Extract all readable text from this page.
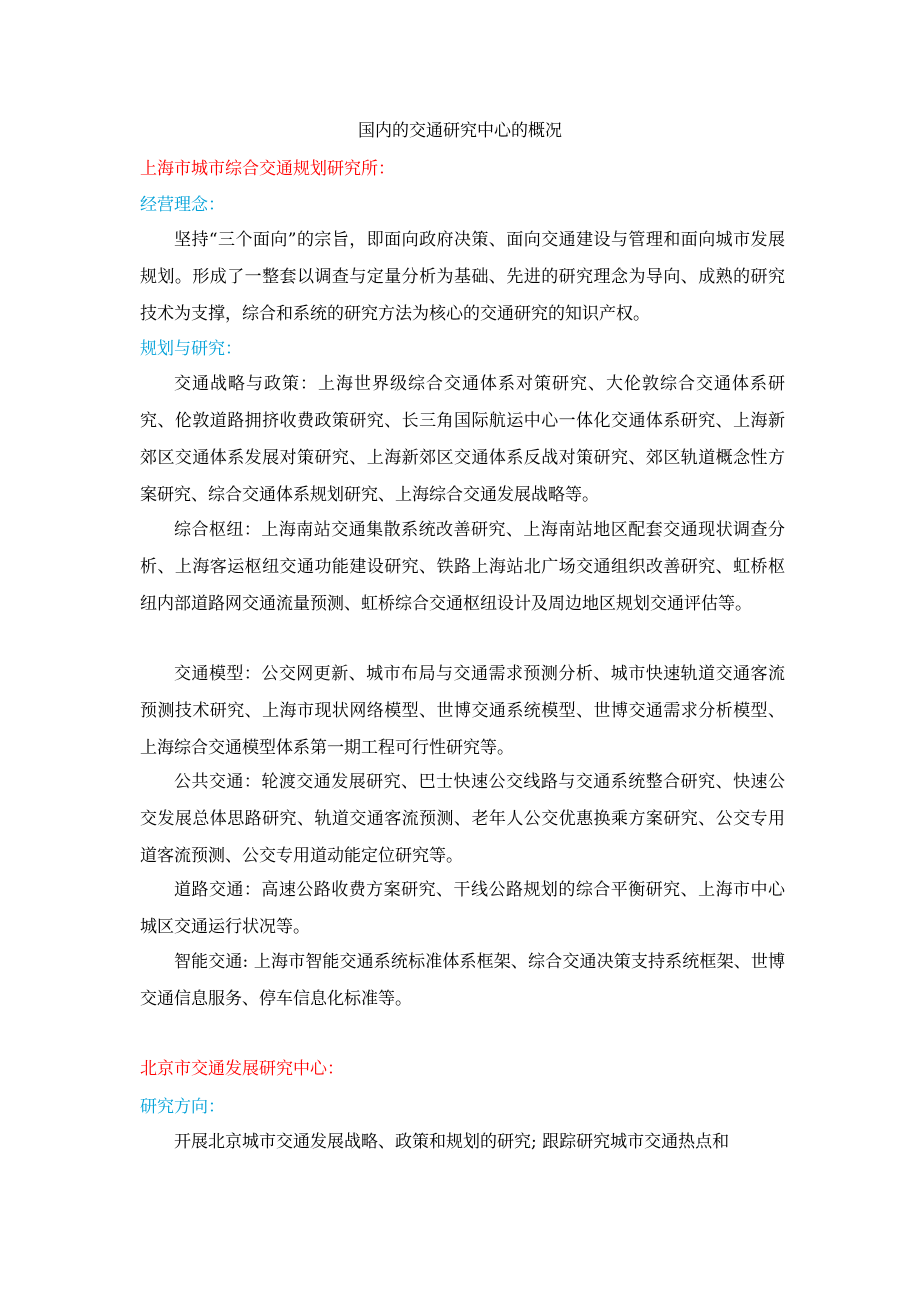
国内的交通研究中心的概况
上海市城市综合交通规划研究所：
经营理念：
坚持“三个面向”的宗旨，即面向政府决策、面向交通建设与管理和面向城市发展规划。形成了一整套以调查与定量分析为基础、先进的研究理念为导向、成熟的研究技术为支撑，综合和系统的研究方法为核心的交通研究的知识产权。
规划与研究：
交通战略与政策：上海世界级综合交通体系对策研究、大伦敦综合交通体系研究、伦敦道路拥挤收费政策研究、长三角国际航运中心一体化交通体系研究、上海新郊区交通体系发展对策研究、上海新郊区交通体系反战对策研究、郊区轨道概念性方案研究、综合交通体系规划研究、上海综合交通发展战略等。
综合枢纽：上海南站交通集散系统改善研究、上海南站地区配套交通现状调查分析、上海客运枢纽交通功能建设研究、铁路上海站北广场交通组织改善研究、虹桥枢纽内部道路网交通流量预测、虹桥综合交通枢纽设计及周边地区规划交通评估等。
交通模型：公交网更新、城市布局与交通需求预测分析、城市快速轨道交通客流预测技术研究、上海市现状网络模型、世博交通系统模型、世博交通需求分析模型、上海综合交通模型体系第一期工程可行性研究等。
公共交通：轮渡交通发展研究、巴士快速公交线路与交通系统整合研究、快速公交发展总体思路研究、轨道交通客流预测、老年人公交优惠换乘方案研究、公交专用道客流预测、公交专用道动能定位研究等。
道路交通：高速公路收费方案研究、干线公路规划的综合平衡研究、上海市中心城区交通运行状况等。
智能交通: 上海市智能交通系统标准体系框架、综合交通决策支持系统框架、世博交通信息服务、停车信息化标准等。
北京市交通发展研究中心：
研究方向：
开展北京城市交通发展战略、政策和规划的研究; 跟踪研究城市交通热点和
